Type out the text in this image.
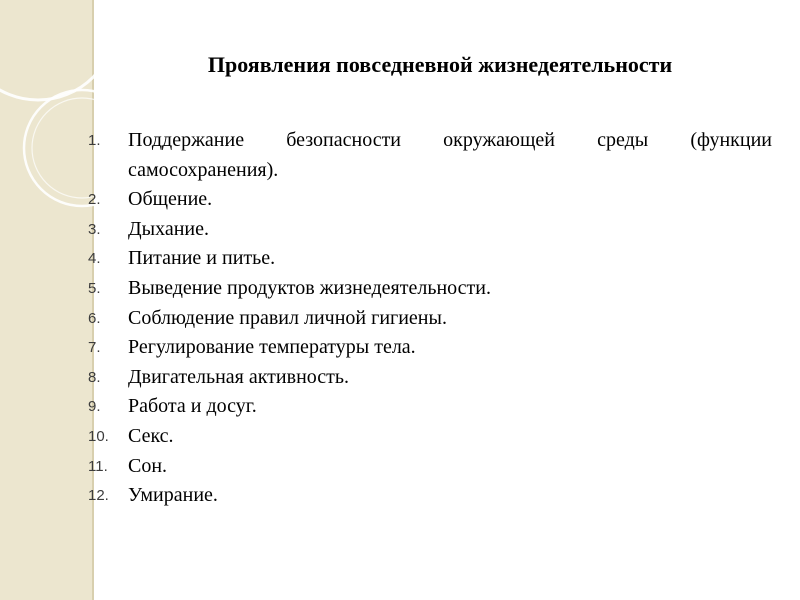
Проявления повседневной жизнедеятельности
1.	Поддержание безопасности окружающей среды (функции самосохранения).
2.	Общение.
3.	Дыхание.
4.	Питание и питье.
5.	Выведение продуктов жизнедеятельности.
6.	Соблюдение правил личной гигиены.
7.	Регулирование температуры тела.
8.	Двигательная активность.
9.	Работа и досуг.
10. Секс.
11.	Сон.
12. Умирание.
